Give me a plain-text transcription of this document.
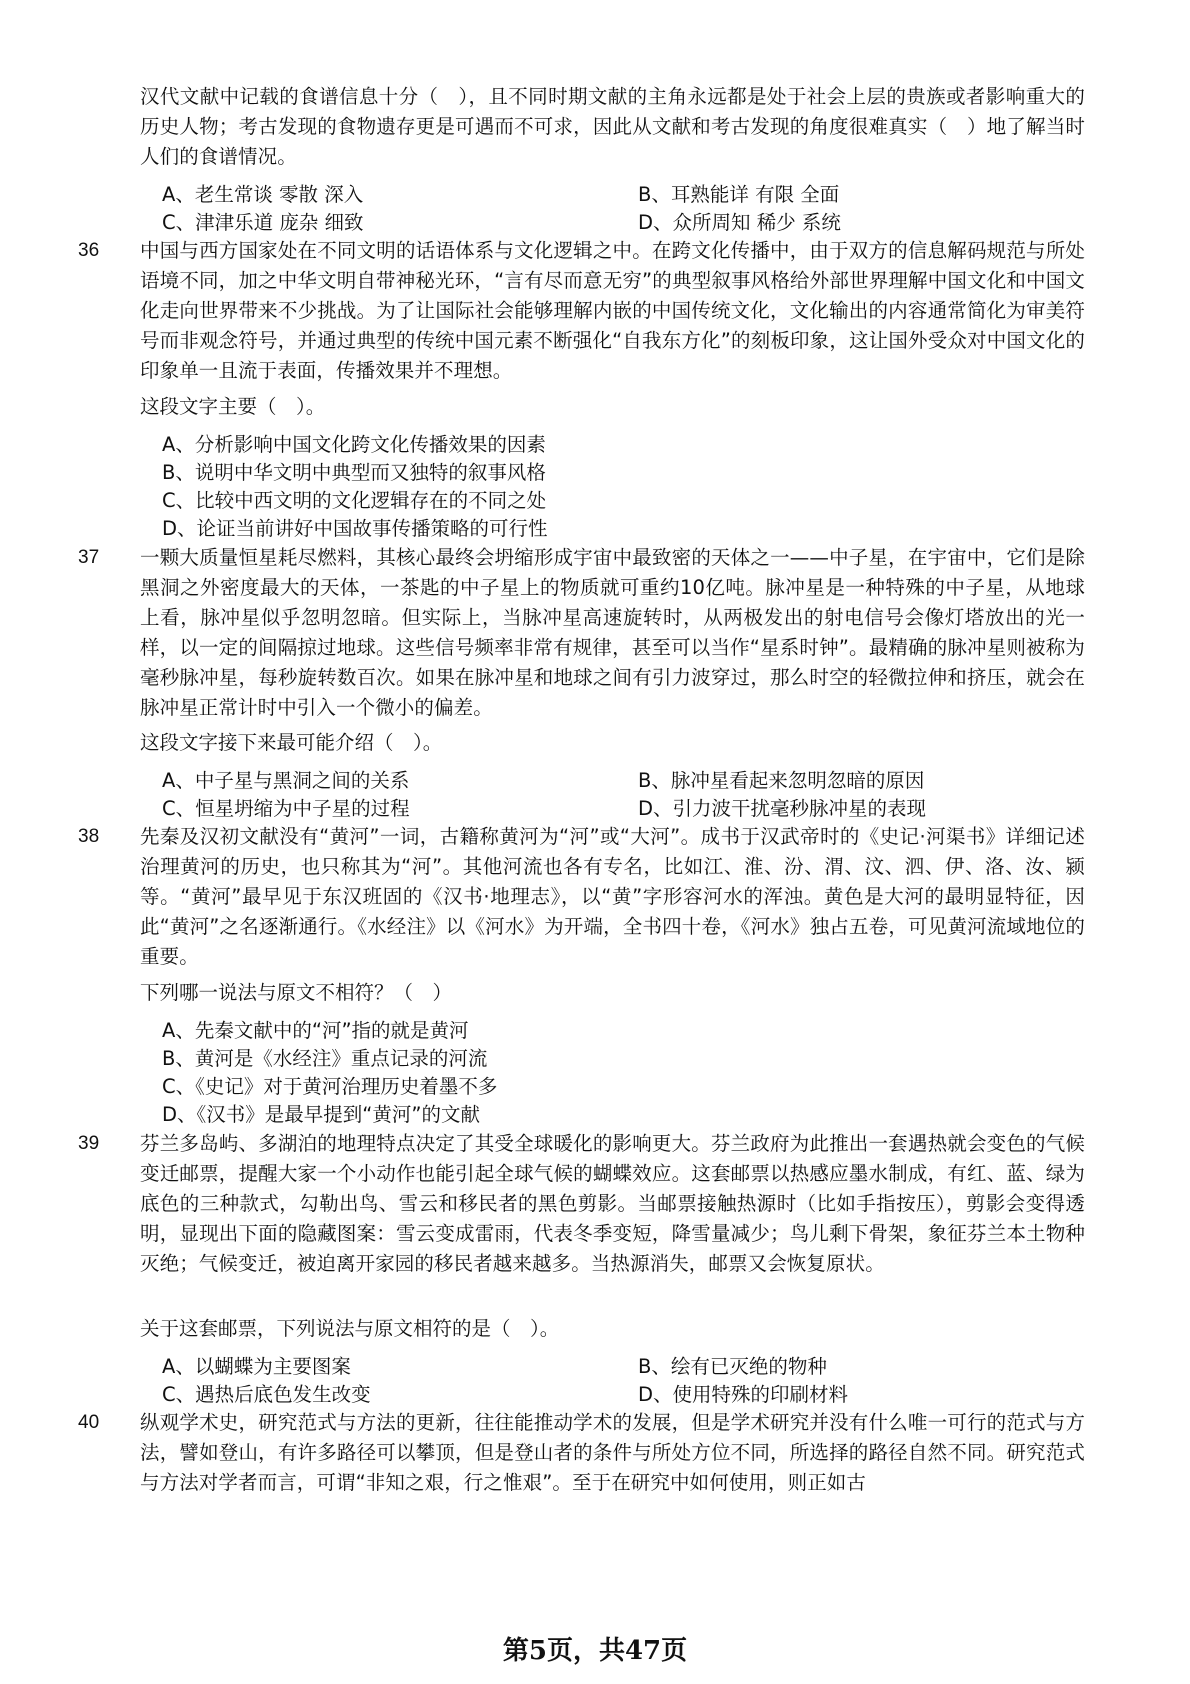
汉代文献中记载的食谱信息十分（　），且不同时期文献的主角永远都是处于社会上层的贵族或者影响重大的历史人物；考古发现的食物遗存更是可遇而不可求，因此从文献和考古发现的角度很难真实（　）地了解当时人们的食谱情况。

A、老生常谈 零散 深入	B、耳熟能详 有限 全面
C、津津乐道 庞杂 细致	D、众所周知 稀少 系统
36 中国与西方国家处在不同文明的话语体系与文化逻辑之中。在跨文化传播中，由于双方的信息解码规范与所处语境不同，加之中华文明自带神秘光环，“言有尽而意无穷”的典型叙事风格给外部世界理解中国文化和中国文化走向世界带来不少挑战。为了让国际社会能够理解内嵌的中国传统文化，文化输出的内容通常简化为审美符号而非观念符号，并通过典型的传统中国元素不断强化“自我东方化”的刻板印象，这让国外受众对中国文化的印象单一且流于表面，传播效果并不理想。

这段文字主要（　）。
A、分析影响中国文化跨文化传播效果的因素
B、说明中华文明中典型而又独特的叙事风格
C、比较中西文明的文化逻辑存在的不同之处
D、论证当前讲好中国故事传播策略的可行性
37 一颗大质量恒星耗尽燃料，其核心最终会坍缩形成宇宙中最致密的天体之一——中子星，在宇宙中，它们是除黑洞之外密度最大的天体，一茶匙的中子星上的物质就可重约10亿吨。脉冲星是一种特殊的中子星，从地球上看，脉冲星似乎忽明忽暗。但实际上，当脉冲星高速旋转时，从两极发出的射电信号会像灯塔放出的光一样，以一定的间隔掠过地球。这些信号频率非常有规律，甚至可以当作“星系时钟”。最精确的脉冲星则被称为毫秒脉冲星，每秒旋转数百次。如果在脉冲星和地球之间有引力波穿过，那么时空的轻微拉伸和挤压，就会在脉冲星正常计时中引入一个微小的偏差。

这段文字接下来最可能介绍（　）。
A、中子星与黑洞之间的关系	B、脉冲星看起来忽明忽暗的原因
C、恒星坍缩为中子星的过程	D、引力波干扰毫秒脉冲星的表现
38 先秦及汉初文献没有“黄河”一词，古籍称黄河为“河”或“大河”。成书于汉武帝时的《史记·河渠书》详细记述治理黄河的历史，也只称其为“河”。其他河流也各有专名，比如江、淮、汾、渭、汶、泗、伊、洛、汝、颍等。“黄河”最早见于东汉班固的《汉书·地理志》，以“黄”字形容河水的浑浊。黄色是大河的最明显特征，因此“黄河”之名逐渐通行。《水经注》以《河水》为开端，全书四十卷，《河水》独占五卷，可见黄河流域地位的重要。

下列哪一说法与原文不相符？（　）
A、先秦文献中的“河”指的就是黄河
B、黄河是《水经注》重点记录的河流
C、《史记》对于黄河治理历史着墨不多
D、《汉书》是最早提到“黄河”的文献
39 芬兰多岛屿、多湖泊的地理特点决定了其受全球暖化的影响更大。芬兰政府为此推出一套遇热就会变色的气候变迁邮票，提醒大家一个小动作也能引起全球气候的蝴蝶效应。这套邮票以热感应墨水制成，有红、蓝、绿为底色的三种款式，勾勒出鸟、雪云和移民者的黑色剪影。当邮票接触热源时（比如手指按压），剪影会变得透明，显现出下面的隐藏图案：雪云变成雷雨，代表冬季变短，降雪量减少；鸟儿剩下骨架，象征芬兰本土物种灭绝；气候变迁，被迫离开家园的移民者越来越多。当热源消失，邮票又会恢复原状。

关于这套邮票，下列说法与原文相符的是（　）。
A、以蝴蝶为主要图案	B、绘有已灭绝的物种
C、遇热后底色发生改变	D、使用特殊的印刷材料
40 纵观学术史，研究范式与方法的更新，往往能推动学术的发展，但是学术研究并没有什么唯一可行的范式与方法，譬如登山，有许多路径可以攀顶，但是登山者的条件与所处方位不同，所选择的路径自然不同。研究范式与方法对学者而言，可谓“非知之艰，行之惟艰”。至于在研究中如何使用，则正如古

第5页，共47页
